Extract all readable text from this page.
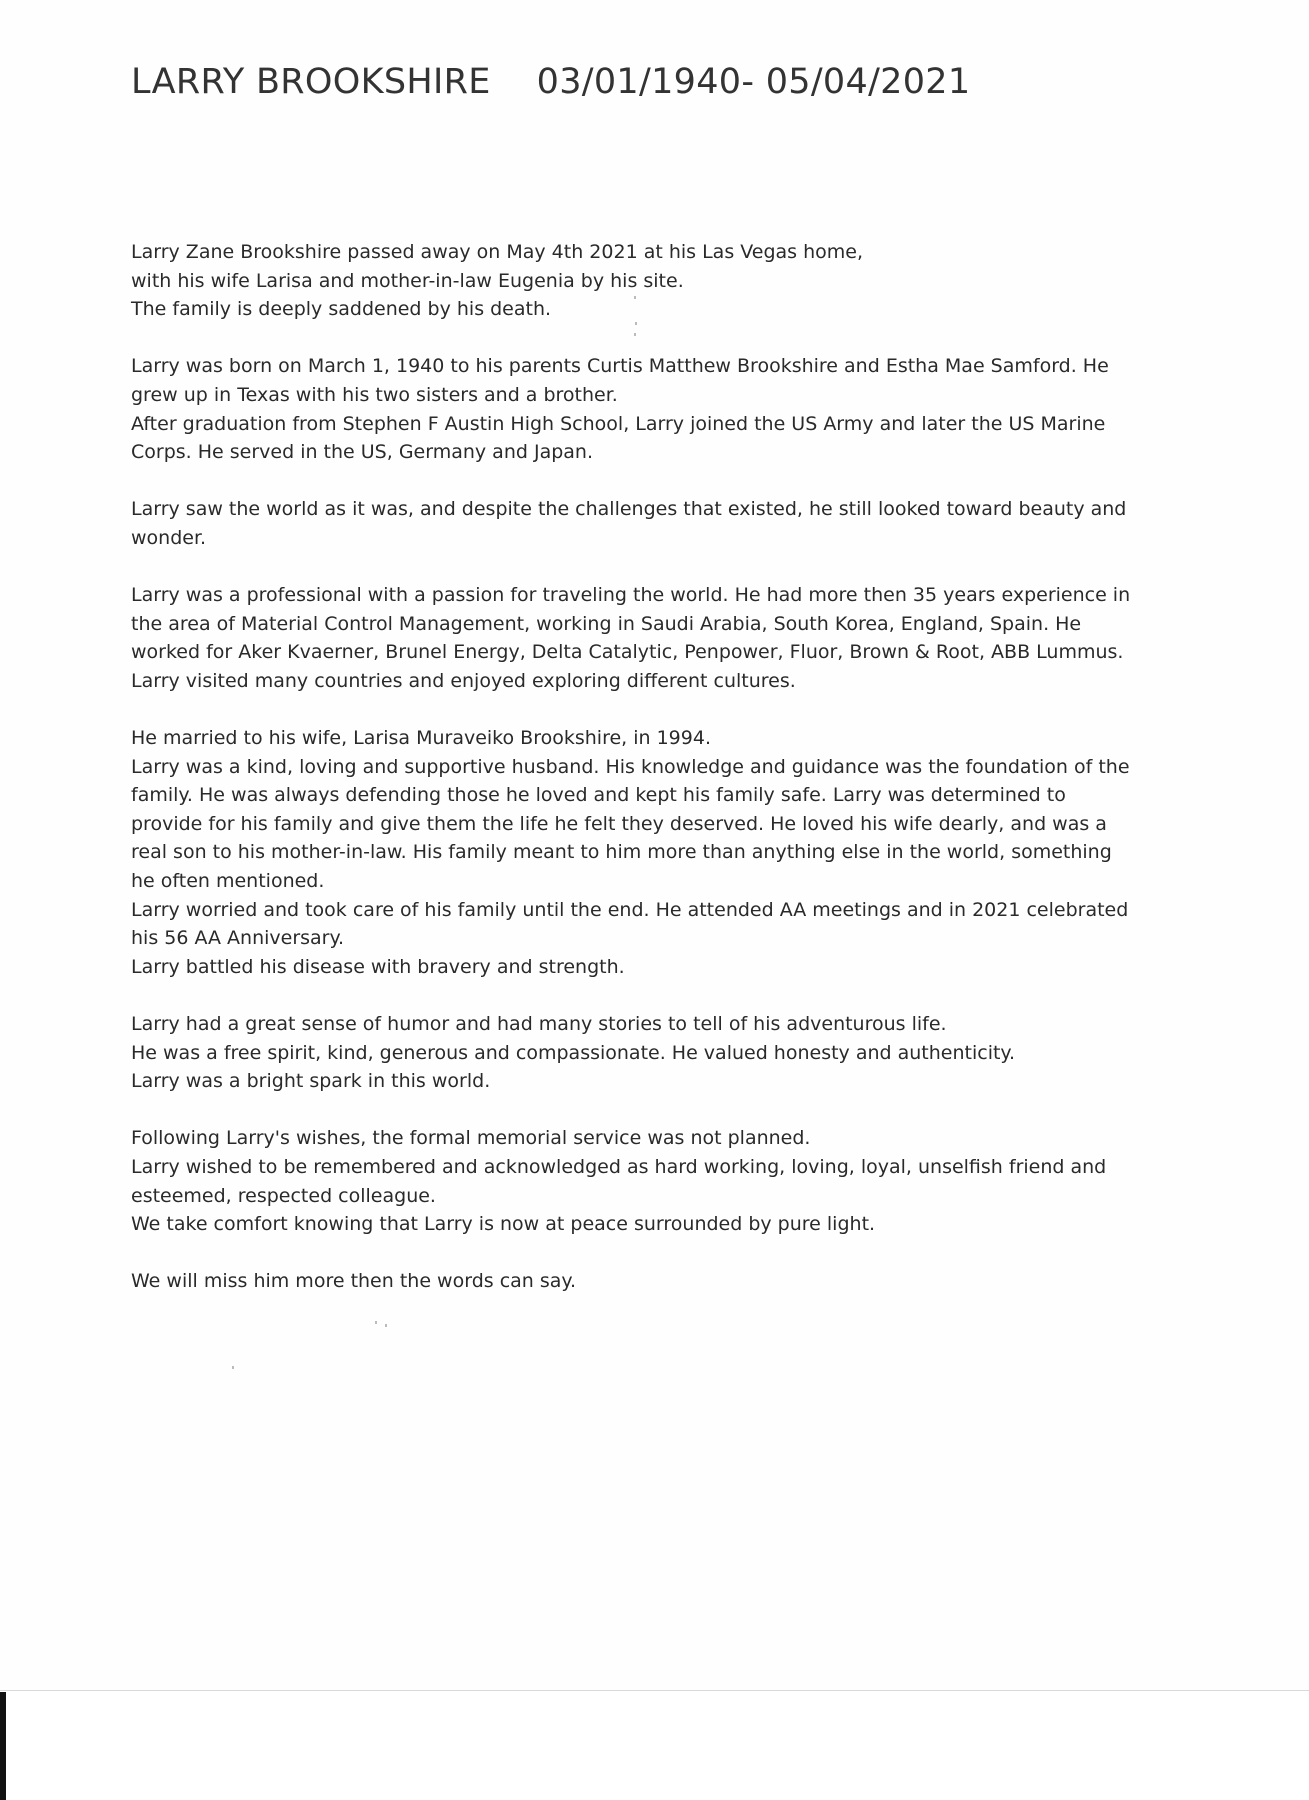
LARRY BROOKSHIRE 03/01/1940- 05/04/2021

Larry Zane Brookshire passed away on May 4th 2021 at his Las Vegas home,
with his wife Larisa and mother-in-law Eugenia by his site.
The family is deeply saddened by his death.

Larry was born on March 1, 1940 to his parents Curtis Matthew Brookshire and Estha Mae Samford. He
grew up in Texas with his two sisters and a brother.
After graduation from Stephen F Austin High School, Larry joined the US Army and later the US Marine
Corps. He served in the US, Germany and Japan.

Larry saw the world as it was, and despite the challenges that existed, he still looked toward beauty and
wonder.

Larry was a professional with a passion for traveling the world. He had more then 35 years experience in
the area of Material Control Management, working in Saudi Arabia, South Korea, England, Spain. He
worked for Aker Kvaerner, Brunel Energy, Delta Catalytic, Penpower, Fluor, Brown & Root, ABB Lummus.
Larry visited many countries and enjoyed exploring different cultures.

He married to his wife, Larisa Muraveiko Brookshire, in 1994.
Larry was a kind, loving and supportive husband. His knowledge and guidance was the foundation of the
family. He was always defending those he loved and kept his family safe. Larry was determined to
provide for his family and give them the life he felt they deserved. He loved his wife dearly, and was a
real son to his mother-in-law. His family meant to him more than anything else in the world, something
he often mentioned.
Larry worried and took care of his family until the end. He attended AA meetings and in 2021 celebrated
his 56 AA Anniversary.
Larry battled his disease with bravery and strength.

Larry had a great sense of humor and had many stories to tell of his adventurous life.
He was a free spirit, kind, generous and compassionate. He valued honesty and authenticity.
Larry was a bright spark in this world.

Following Larry's wishes, the formal memorial service was not planned.
Larry wished to be remembered and acknowledged as hard working, loving, loyal, unselfish friend and
esteemed, respected colleague.
We take comfort knowing that Larry is now at peace surrounded by pure light.

We will miss him more then the words can say.
